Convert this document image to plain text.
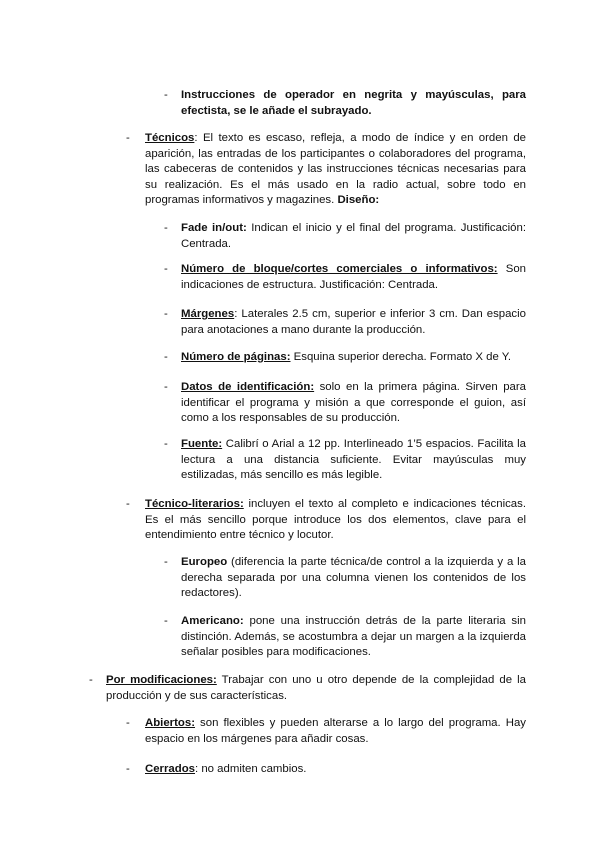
- Instrucciones de operador en negrita y mayúsculas, para efectista, se le añade el subrayado.
- Técnicos: El texto es escaso, refleja, a modo de índice y en orden de aparición, las entradas de los participantes o colaboradores del programa, las cabeceras de contenidos y las instrucciones técnicas necesarias para su realización. Es el más usado en la radio actual, sobre todo en programas informativos y magazines. Diseño:
- Fade in/out: Indican el inicio y el final del programa. Justificación: Centrada.
- Número de bloque/cortes comerciales o informativos: Son indicaciones de estructura. Justificación: Centrada.
- Márgenes: Laterales 2.5 cm, superior e inferior 3 cm. Dan espacio para anotaciones a mano durante la producción.
- Número de páginas: Esquina superior derecha. Formato X de Y.
- Datos de identificación: solo en la primera página. Sirven para identificar el programa y misión a que corresponde el guion, así como a los responsables de su producción.
- Fuente: Calibrí o Arial a 12 pp. Interlineado 1’5 espacios. Facilita la lectura a una distancia suficiente. Evitar mayúsculas muy estilizadas, más sencillo es más legible.
- Técnico-literarios: incluyen el texto al completo e indicaciones técnicas. Es el más sencillo porque introduce los dos elementos, clave para el entendimiento entre técnico y locutor.
- Europeo (diferencia la parte técnica/de control a la izquierda y a la derecha separada por una columna vienen los contenidos de los redactores).
- Americano: pone una instrucción detrás de la parte literaria sin distinción. Además, se acostumbra a dejar un margen a la izquierda señalar posibles para modificaciones.
- Por modificaciones: Trabajar con uno u otro depende de la complejidad de la producción y de sus características.
- Abiertos: son flexibles y pueden alterarse a lo largo del programa. Hay espacio en los márgenes para añadir cosas.
- Cerrados: no admiten cambios.
